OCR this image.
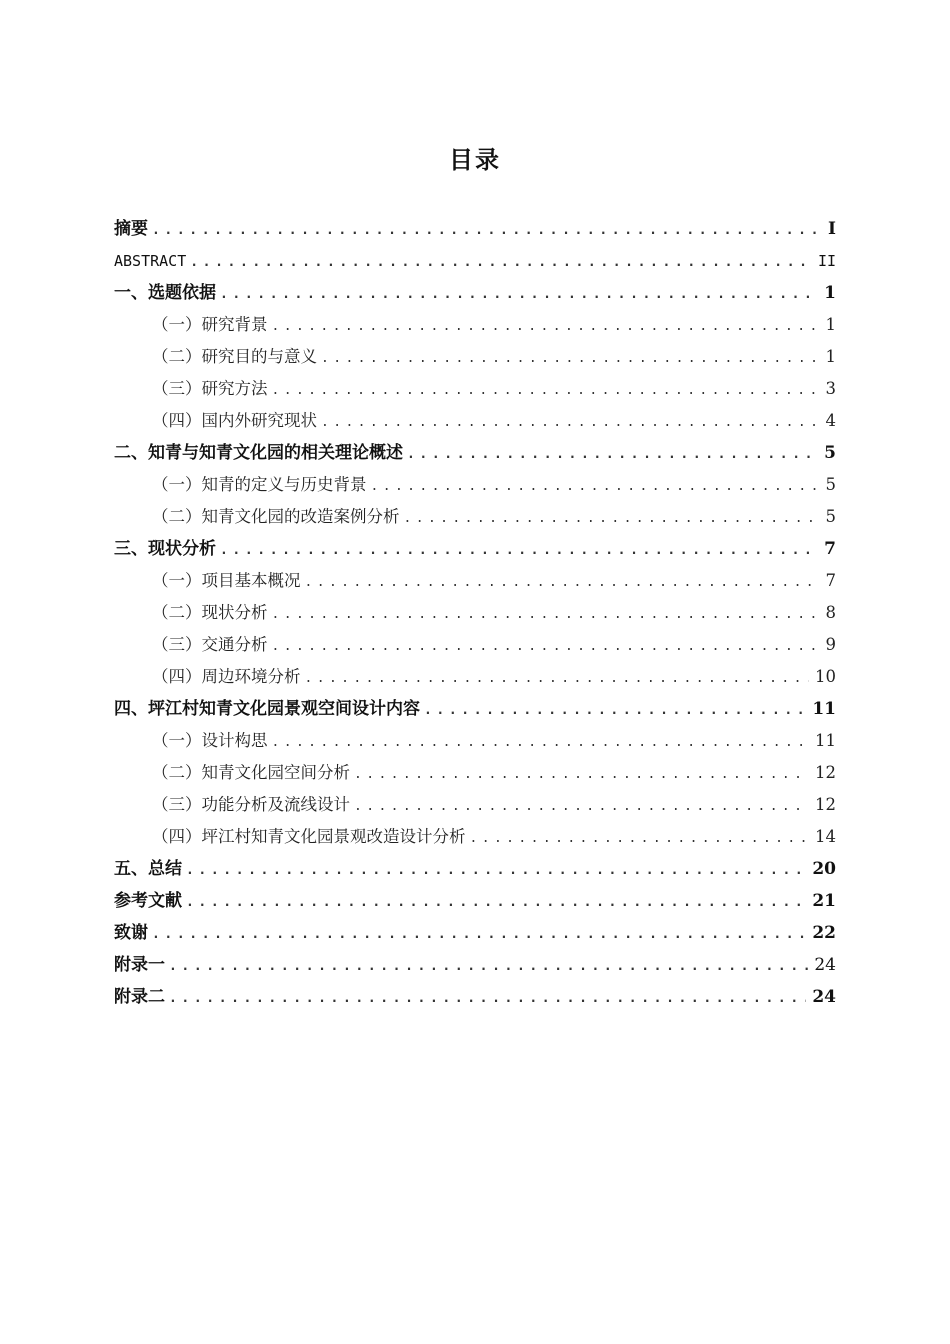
目录
摘要 .....	I
ABSTRACT .....	II
一、选题依据 .....	1
（一）研究背景 .....	1
（二）研究目的与意义 .....	1
（三）研究方法 .....	3
（四）国内外研究现状 .....	4
二、知青与知青文化园的相关理论概述 .....	5
（一）知青的定义与历史背景 .....	5
（二）知青文化园的改造案例分析 .....	5
三、现状分析 .....	7
（一）项目基本概况 .....	7
（二）现状分析 .....	8
（三）交通分析 .....	9
（四）周边环境分析 .....	10
四、坪江村知青文化园景观空间设计内容 .....	11
（一）设计构思 .....	11
（二）知青文化园空间分析 .....	12
（三）功能分析及流线设计 .....	12
（四）坪江村知青文化园景观改造设计分析 .....	14
五、总结 .....	20
参考文献 .....	21
致谢 .....	22
附录一 .....	24
附录二 .....	24
